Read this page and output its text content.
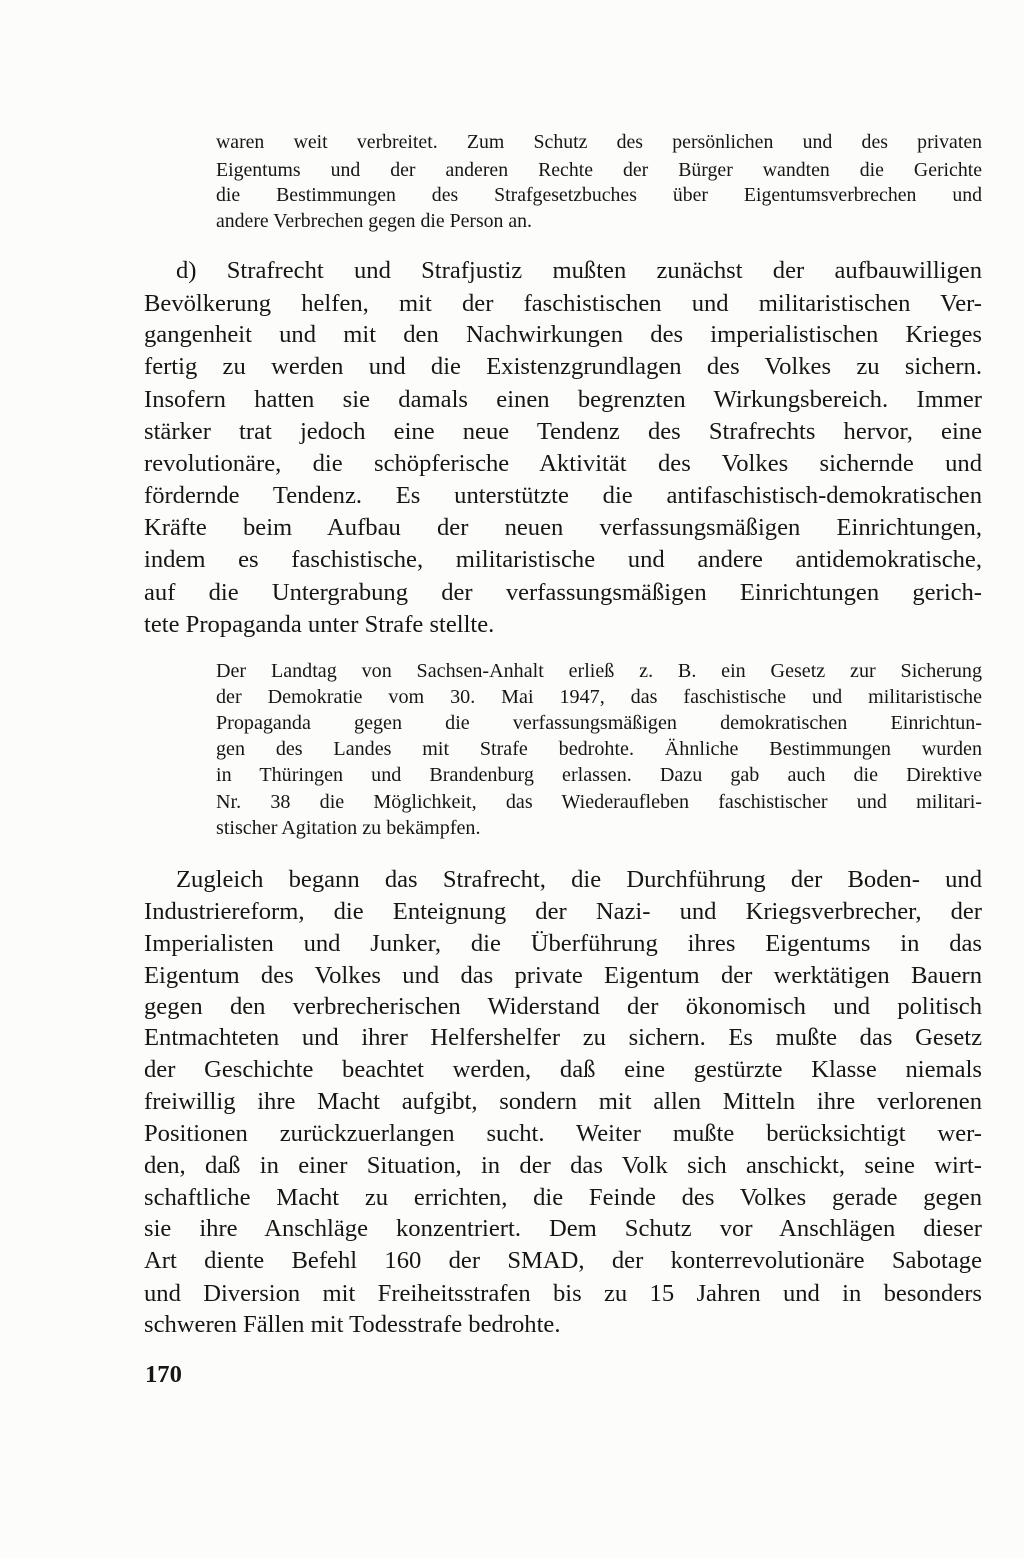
waren weit verbreitet. Zum Schutz des persönlichen und des privaten
Eigentums und der anderen Rechte der Bürger wandten die Gerichte
die Bestimmungen des Strafgesetzbuches über Eigentumsverbrechen und
andere Verbrechen gegen die Person an.
d) Strafrecht und Strafjustiz mußten zunächst der aufbauwilligen
Bevölkerung helfen, mit der faschistischen und militaristischen Ver-
gangenheit und mit den Nachwirkungen des imperialistischen Krieges
fertig zu werden und die Existenzgrundlagen des Volkes zu sichern.
Insofern hatten sie damals einen begrenzten Wirkungsbereich. Immer
stärker trat jedoch eine neue Tendenz des Strafrechts hervor, eine
revolutionäre, die schöpferische Aktivität des Volkes sichernde und
fördernde Tendenz. Es unterstützte die antifaschistisch-demokratischen
Kräfte beim Aufbau der neuen verfassungsmäßigen Einrichtungen,
indem es faschistische, militaristische und andere antidemokratische,
auf die Untergrabung der verfassungsmäßigen Einrichtungen gerich-
tete Propaganda unter Strafe stellte.
Der Landtag von Sachsen-Anhalt erließ z. B. ein Gesetz zur Sicherung
der Demokratie vom 30. Mai 1947, das faschistische und militaristische
Propaganda gegen die verfassungsmäßigen demokratischen Einrichtun-
gen des Landes mit Strafe bedrohte. Ähnliche Bestimmungen wurden
in Thüringen und Brandenburg erlassen. Dazu gab auch die Direktive
Nr. 38 die Möglichkeit, das Wiederaufleben faschistischer und militari-
stischer Agitation zu bekämpfen.
Zugleich begann das Strafrecht, die Durchführung der Boden- und
Industriereform, die Enteignung der Nazi- und Kriegsverbrecher, der
Imperialisten und Junker, die Überführung ihres Eigentums in das
Eigentum des Volkes und das private Eigentum der werktätigen Bauern
gegen den verbrecherischen Widerstand der ökonomisch und politisch
Entmachteten und ihrer Helfershelfer zu sichern. Es mußte das Gesetz
der Geschichte beachtet werden, daß eine gestürzte Klasse niemals
freiwillig ihre Macht aufgibt, sondern mit allen Mitteln ihre verlorenen
Positionen zurückzuerlangen sucht. Weiter mußte berücksichtigt wer-
den, daß in einer Situation, in der das Volk sich anschickt, seine wirt-
schaftliche Macht zu errichten, die Feinde des Volkes gerade gegen
sie ihre Anschläge konzentriert. Dem Schutz vor Anschlägen dieser
Art diente Befehl 160 der SMAD, der konterrevolutionäre Sabotage
und Diversion mit Freiheitsstrafen bis zu 15 Jahren und in besonders
schweren Fällen mit Todesstrafe bedrohte.
170
